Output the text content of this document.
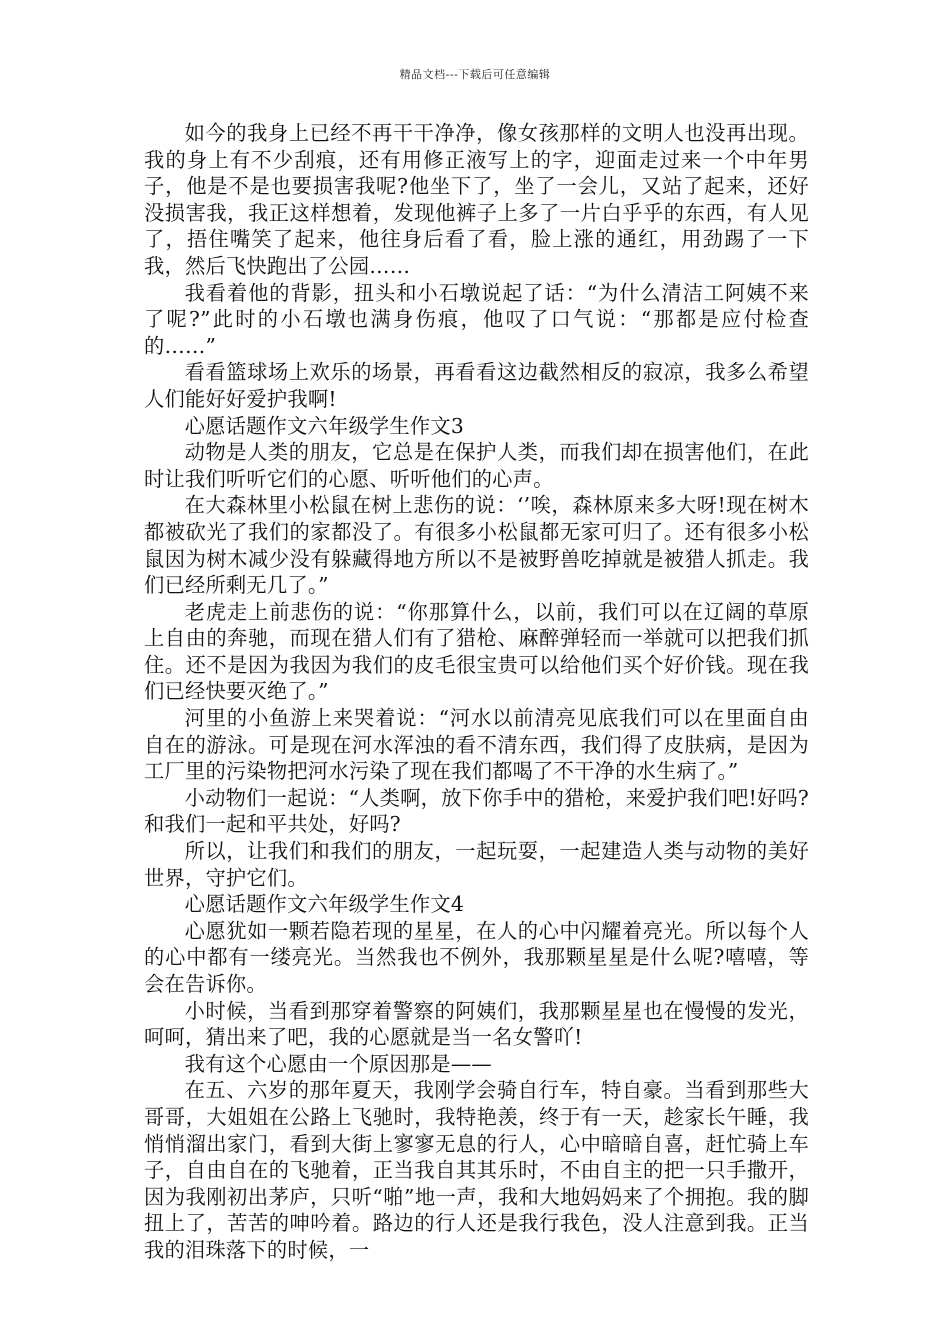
精品文档---下载后可任意编辑

如今的我身上已经不再干干净净，像女孩那样的文明人也没再出现。我的身上有不少刮痕，还有用修正液写上的字，迎面走过来一个中年男子，他是不是也要损害我呢?他坐下了，坐了一会儿，又站了起来，还好没损害我，我正这样想着，发现他裤子上多了一片白乎乎的东西，有人见了，捂住嘴笑了起来，他往身后看了看，脸上涨的通红，用劲踢了一下我，然后飞快跑出了公园……

我看着他的背影，扭头和小石墩说起了话：“为什么清洁工阿姨不来了呢?”此时的小石墩也满身伤痕，他叹了口气说：“那都是应付检查的……”

看看篮球场上欢乐的场景，再看看这边截然相反的寂凉，我多么希望人们能好好爱护我啊!

心愿话题作文六年级学生作文3

动物是人类的朋友，它总是在保护人类，而我们却在损害他们，在此时让我们听听它们的心愿、听听他们的心声。

在大森林里小松鼠在树上悲伤的说：‘’唉，森林原来多大呀!现在树木都被砍光了我们的家都没了。有很多小松鼠都无家可归了。还有很多小松鼠因为树木减少没有躲藏得地方所以不是被野兽吃掉就是被猎人抓走。我们已经所剩无几了。”

老虎走上前悲伤的说：“你那算什么，以前，我们可以在辽阔的草原上自由的奔驰，而现在猎人们有了猎枪、麻醉弹轻而一举就可以把我们抓住。还不是因为我因为我们的皮毛很宝贵可以给他们买个好价钱。现在我们已经快要灭绝了。”

河里的小鱼游上来哭着说：“河水以前清亮见底我们可以在里面自由自在的游泳。可是现在河水浑浊的看不清东西，我们得了皮肤病，是因为工厂里的污染物把河水污染了现在我们都喝了不干净的水生病了。”

小动物们一起说：“人类啊，放下你手中的猎枪，来爱护我们吧!好吗?和我们一起和平共处，好吗?

所以，让我们和我们的朋友，一起玩耍，一起建造人类与动物的美好世界，守护它们。

心愿话题作文六年级学生作文4

心愿犹如一颗若隐若现的星星，在人的心中闪耀着亮光。所以每个人的心中都有一缕亮光。当然我也不例外，我那颗星星是什么呢?嘻嘻，等会在告诉你。

小时候，当看到那穿着警察的阿姨们，我那颗星星也在慢慢的发光，呵呵，猜出来了吧，我的心愿就是当一名女警吖!

我有这个心愿由一个原因那是——

在五、六岁的那年夏天，我刚学会骑自行车，特自豪。当看到那些大哥哥，大姐姐在公路上飞驰时，我特艳羡，终于有一天，趁家长午睡，我悄悄溜出家门，看到大街上寥寥无息的行人，心中暗暗自喜，赶忙骑上车子，自由自在的飞驰着，正当我自其其乐时，不由自主的把一只手撒开，因为我刚初出茅庐，只听“啪”地一声，我和大地妈妈来了个拥抱。我的脚扭上了，苦苦的呻吟着。路边的行人还是我行我色，没人注意到我。正当我的泪珠落下的时候，一
